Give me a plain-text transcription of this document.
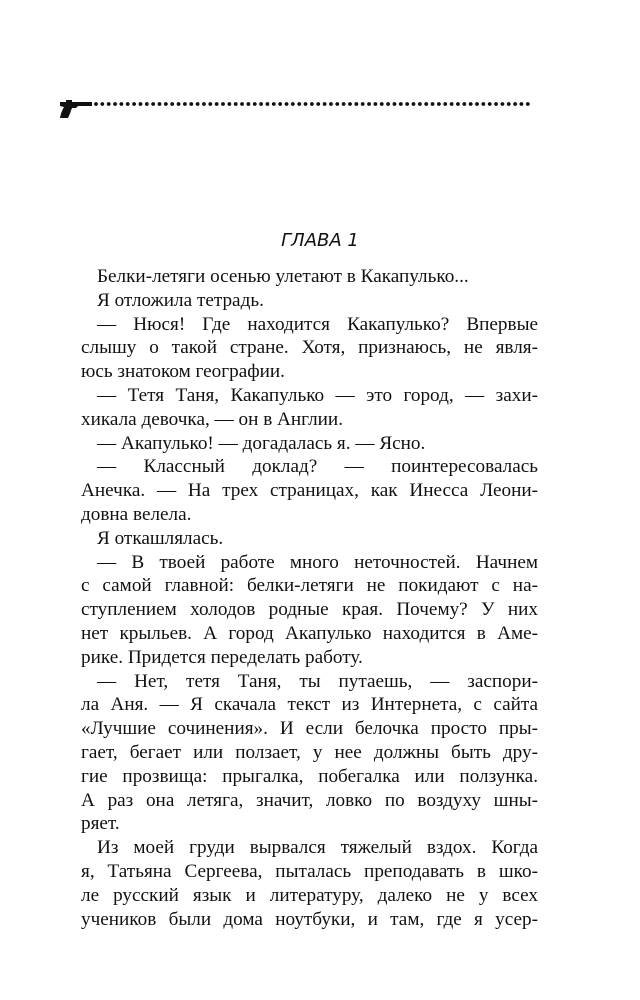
ГЛАВА 1
Белки-летяги осенью улетают в Какапулько...
Я отложила тетрадь.
— Нюся! Где находится Какапулько? Впервые
слышу о такой стране. Хотя, признаюсь, не явля-
юсь знатоком географии.
— Тетя Таня, Какапулько — это город, — захи-
хикала девочка, — он в Англии.
— Акапулько! — догадалась я. — Ясно.
— Классный доклад? — поинтересовалась
Анечка. — На трех страницах, как Инесса Леони-
довна велела.
Я откашлялась.
— В твоей работе много неточностей. Начнем
с самой главной: белки-летяги не покидают с на-
ступлением холодов родные края. Почему? У них
нет крыльев. А город Акапулько находится в Аме-
рике. Придется переделать работу.
— Нет, тетя Таня, ты путаешь, — заспори-
ла Аня. — Я скачала текст из Интернета, с сайта
«Лучшие сочинения». И если белочка просто пры-
гает, бегает или ползает, у нее должны быть дру-
гие прозвища: прыгалка, побегалка или ползунка.
А раз она летяга, значит, ловко по воздуху шны-
ряет.
Из моей груди вырвался тяжелый вздох. Когда
я, Татьяна Сергеева, пыталась преподавать в шко-
ле русский язык и литературу, далеко не у всех
учеников были дома ноутбуки, и там, где я усер-
